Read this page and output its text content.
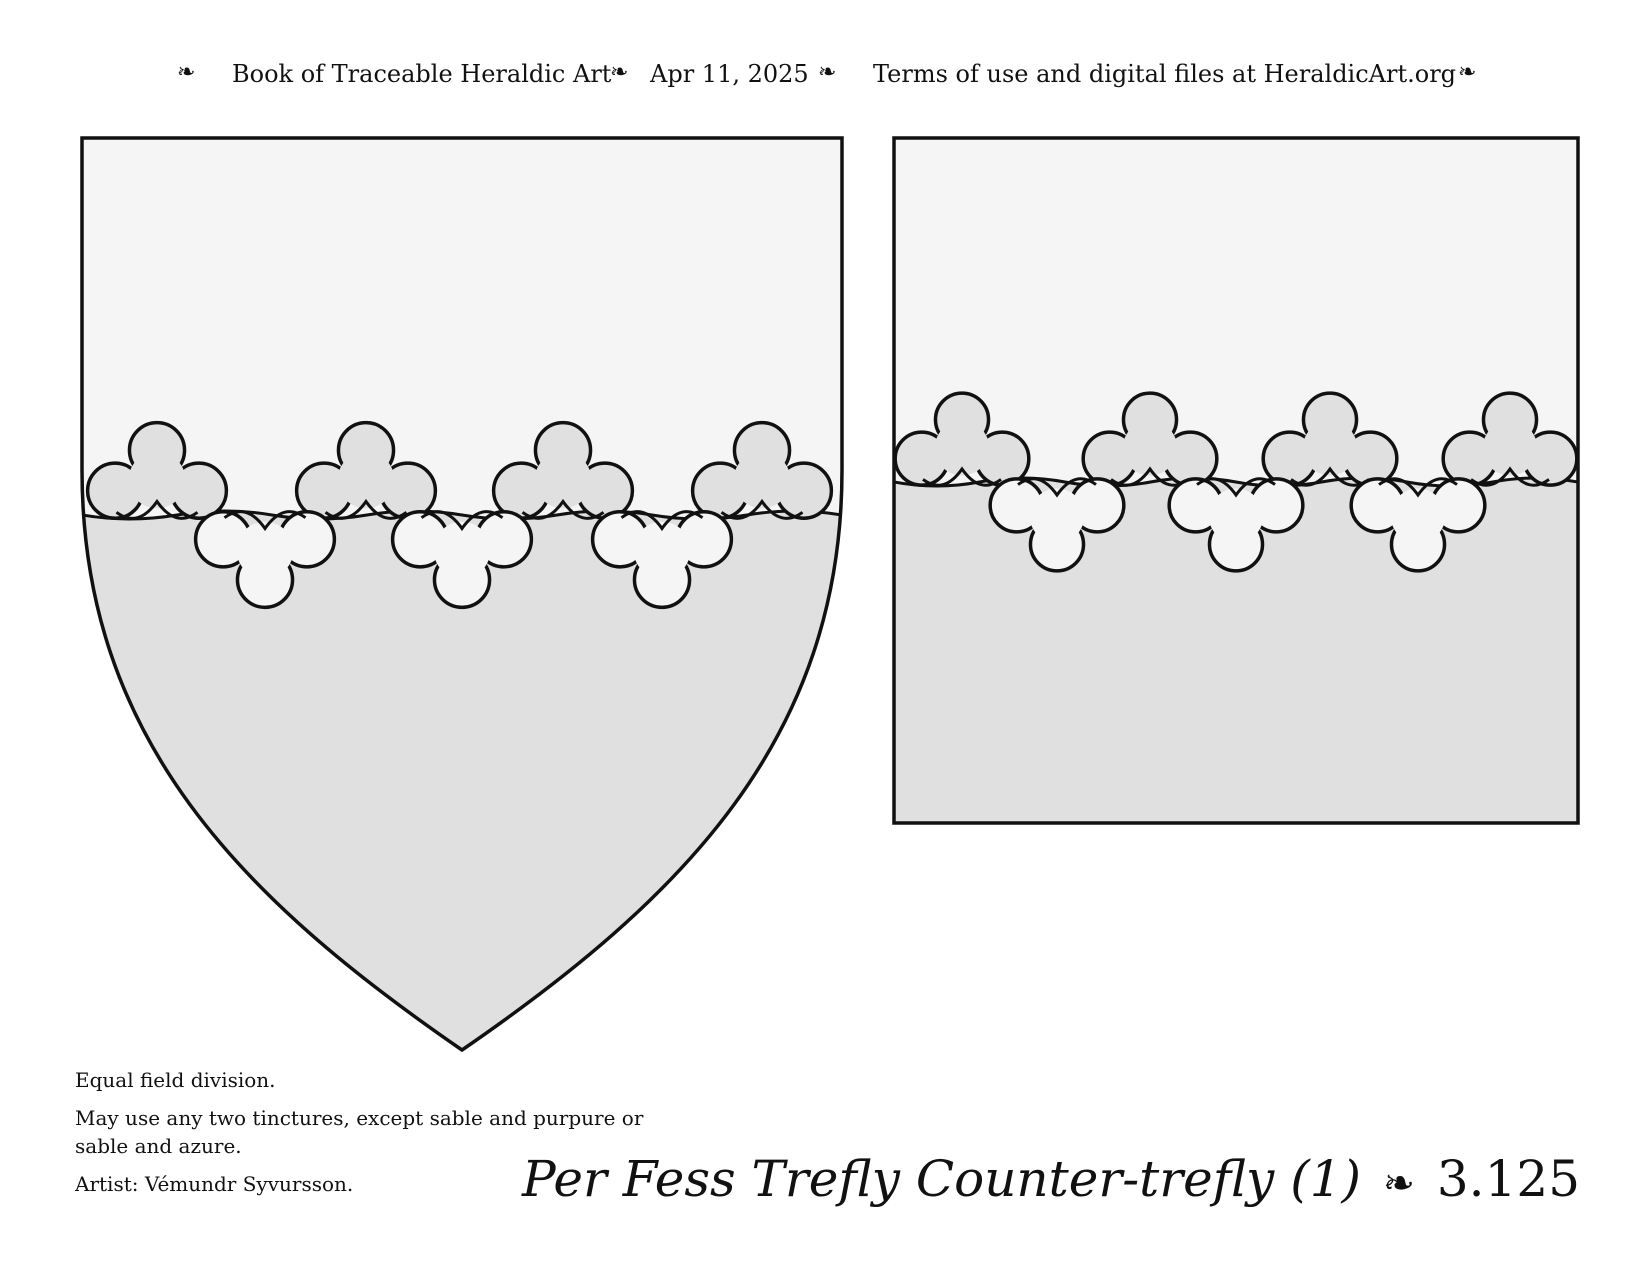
❧ Book of Traceable Heraldic Art
❧ Apr 11, 2025 ❧ Terms of use and digital files at HeraldicArt.org ❧

Equal field division.

May use any two tinctures, except sable and purpure or sable and azure.

Artist: Vémundr Syvursson.	Per Fess Trefly Counter-trefly (1) ❧ 3.125
